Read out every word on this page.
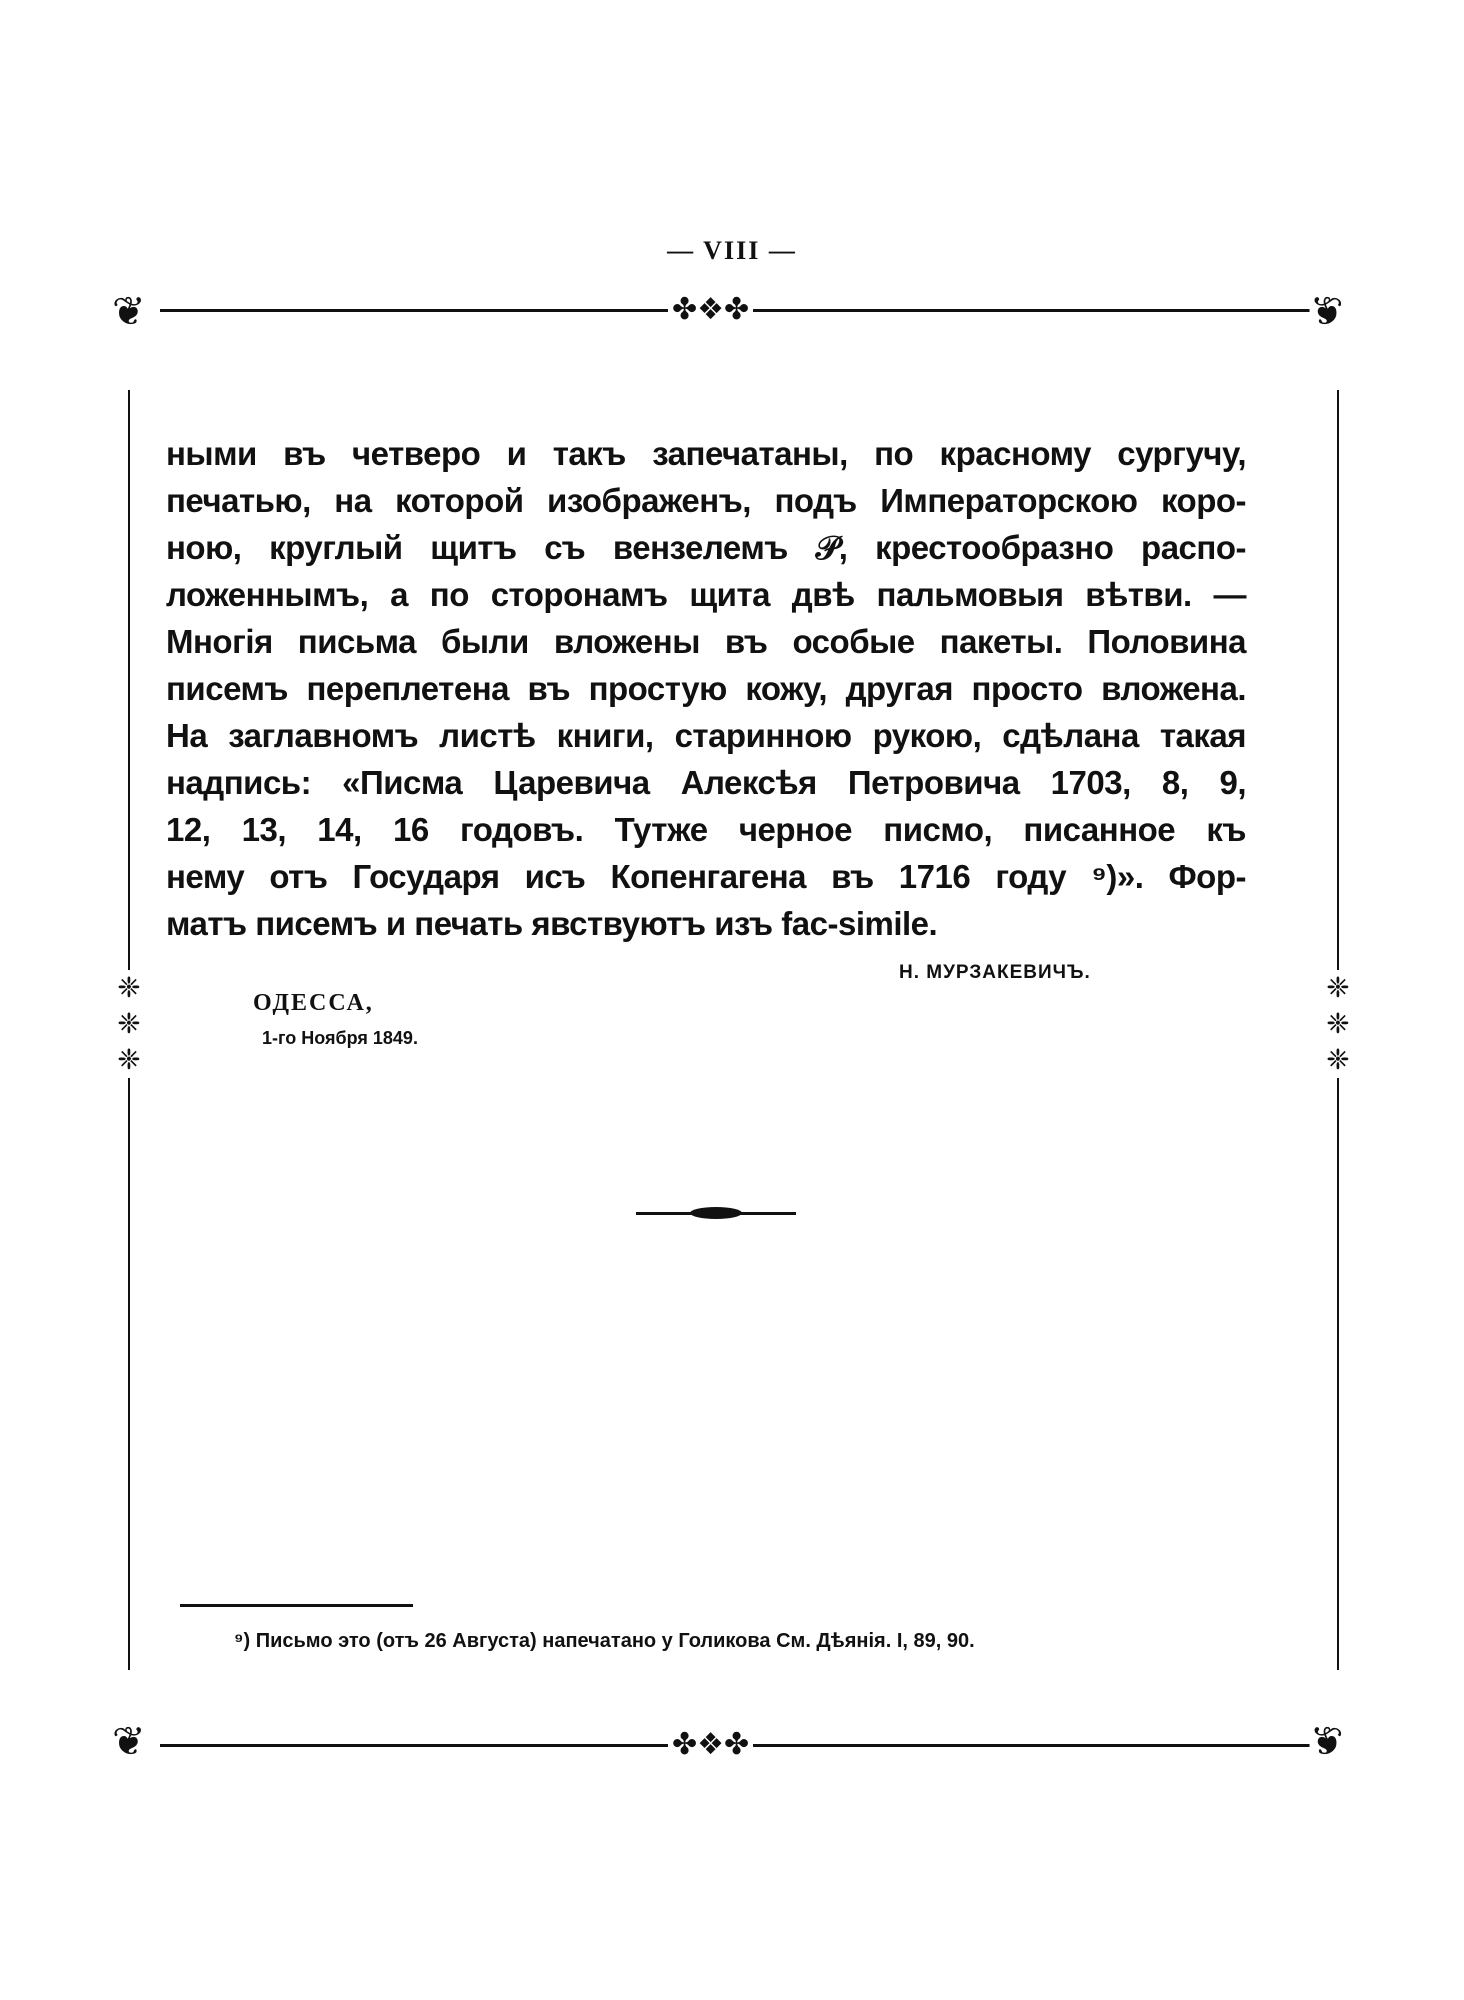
— VIII —
❦	❦
❦	❦
✤❖✤
✤❖✤
❈
❈
❈
❈
❈
❈
ными въ четверо и такъ запечатаны, по красному сургучу,
печатью, на которой изображенъ, подъ Императорскою коро-
ною, круглый щитъ съ вензелемъ 𝒫, крестообразно распо-
ложеннымъ, а по сторонамъ щита двѣ пальмовыя вѣтви. —
Многія письма были вложены въ особые пакеты. Половина
писемъ переплетена въ простую кожу, другая просто вложена.
На заглавномъ листѣ книги, старинною рукою, сдѣлана такая
надпись: «Писма Царевича Алексѣя Петровича 1703, 8, 9,
12, 13, 14, 16 годовъ. Тутже черное писмо, писанное къ
нему отъ Государя исъ Копенгагена въ 1716 году ⁹)». Фор-
матъ писемъ и печать явствуютъ изъ fac-simile.
Н. МУРЗАКЕВИЧЪ.
ОДЕССА,
1-го Ноября 1849.
⁹) Письмо это (отъ 26 Августа) напечатано у Голикова См. Дѣянія. I, 89, 90.
